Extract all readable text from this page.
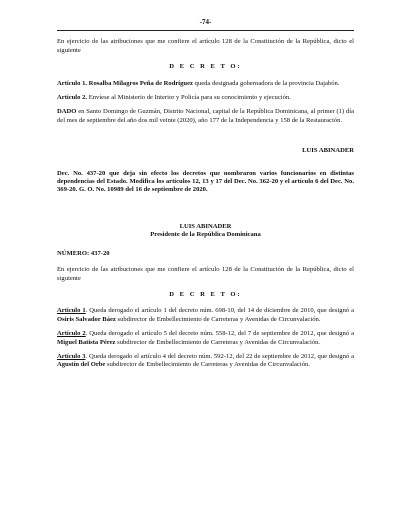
-74-

En ejercicio de las atribuciones que me confiere el artículo 128 de la Constitución de la República, dicto el siguiente

D E C R E T O:

Artículo 1. Rosalba Milagros Peña de Rodríguez queda designada gobernadora de la provincia Dajabón.

Artículo 2. Envíese al Ministerio de Interior y Policía para su conocimiento y ejecución.

DADO en Santo Domingo de Guzmán, Distrito Nacional, capital de la República Dominicana, al primer (1) día del mes de septiembre del año dos mil veinte (2020), año 177 de la Independencia y 158 de la Restauración.

LUIS ABINADER

Dec. No. 437-20 que deja sin efecto los decretos que nombraron varios funcionarios en distintas dependencias del Estado. Modifica los artículos 12, 13 y 17 del Dec. No. 362-20 y el artículo 6 del Dec. No. 369-20. G. O. No. 10989 del 16 de septiembre de 2020.

LUIS ABINADER

Presidente de la República Dominicana

NÚMERO: 437-20

En ejercicio de las atribuciones que me confiere el artículo 128 de la Constitución de la República, dicto el siguiente

D E C R E T O:

Artículo 1. Queda derogado el artículo 1 del decreto núm. 698-10, del 14 de diciembre de 2010, que designó a Osiris Salvador Báez subdirector de Embellecimiento de Carreteras y Avenidas de Circunvalación.

Artículo 2. Queda derogado el artículo 5 del decreto núm. 558-12, del 7 de septiembre de 2012, que designó a Miguel Batista Pérez subdirector de Embellecimiento de Carreteras y Avenidas de Circunvalación.

Artículo 3. Queda derogado el artículo 4 del decreto núm. 592-12, del 22 de septiembre de 2012, que designó a Agustín del Orbe subdirector de Embellecimiento de Carreteras y Avenidas de Circunvalación.
